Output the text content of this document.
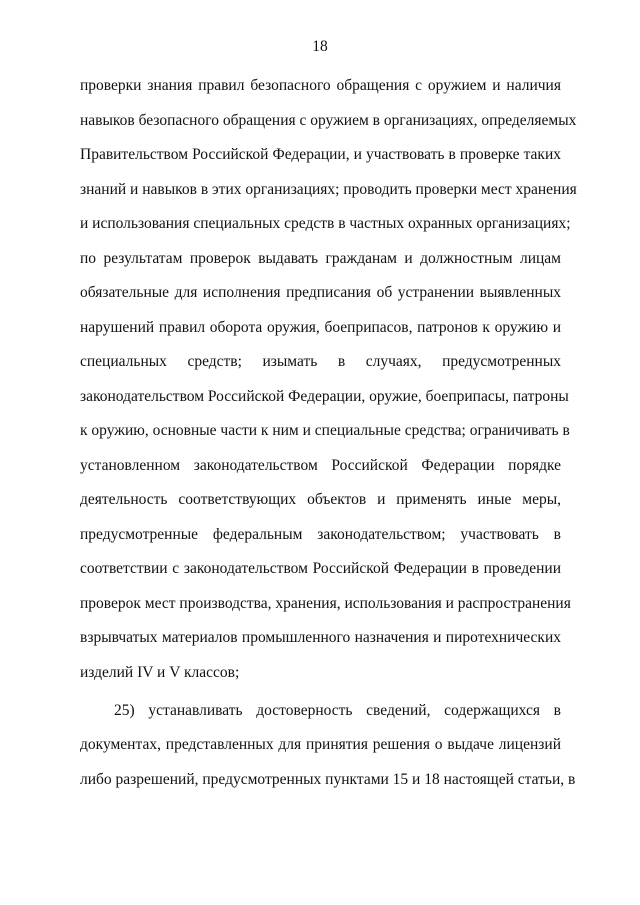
18
проверки знания правил безопасного обращения с оружием и наличия
навыков безопасного обращения с оружием в организациях, определяемых
Правительством Российской Федерации, и участвовать в проверке таких
знаний и навыков в этих организациях; проводить проверки мест хранения
и использования специальных средств в частных охранных организациях;
по результатам проверок выдавать гражданам и должностным лицам
обязательные для исполнения предписания об устранении выявленных
нарушений правил оборота оружия, боеприпасов, патронов к оружию и
специальных средств; изымать в случаях, предусмотренных
законодательством Российской Федерации, оружие, боеприпасы, патроны
к оружию, основные части к ним и специальные средства; ограничивать в
установленном законодательством Российской Федерации порядке
деятельность соответствующих объектов и применять иные меры,
предусмотренные федеральным законодательством; участвовать в
соответствии с законодательством Российской Федерации в проведении
проверок мест производства, хранения, использования и распространения
взрывчатых материалов промышленного назначения и пиротехнических
изделий IV и V классов;
25) устанавливать достоверность сведений, содержащихся в
документах, представленных для принятия решения о выдаче лицензий
либо разрешений, предусмотренных пунктами 15 и 18 настоящей статьи, в
